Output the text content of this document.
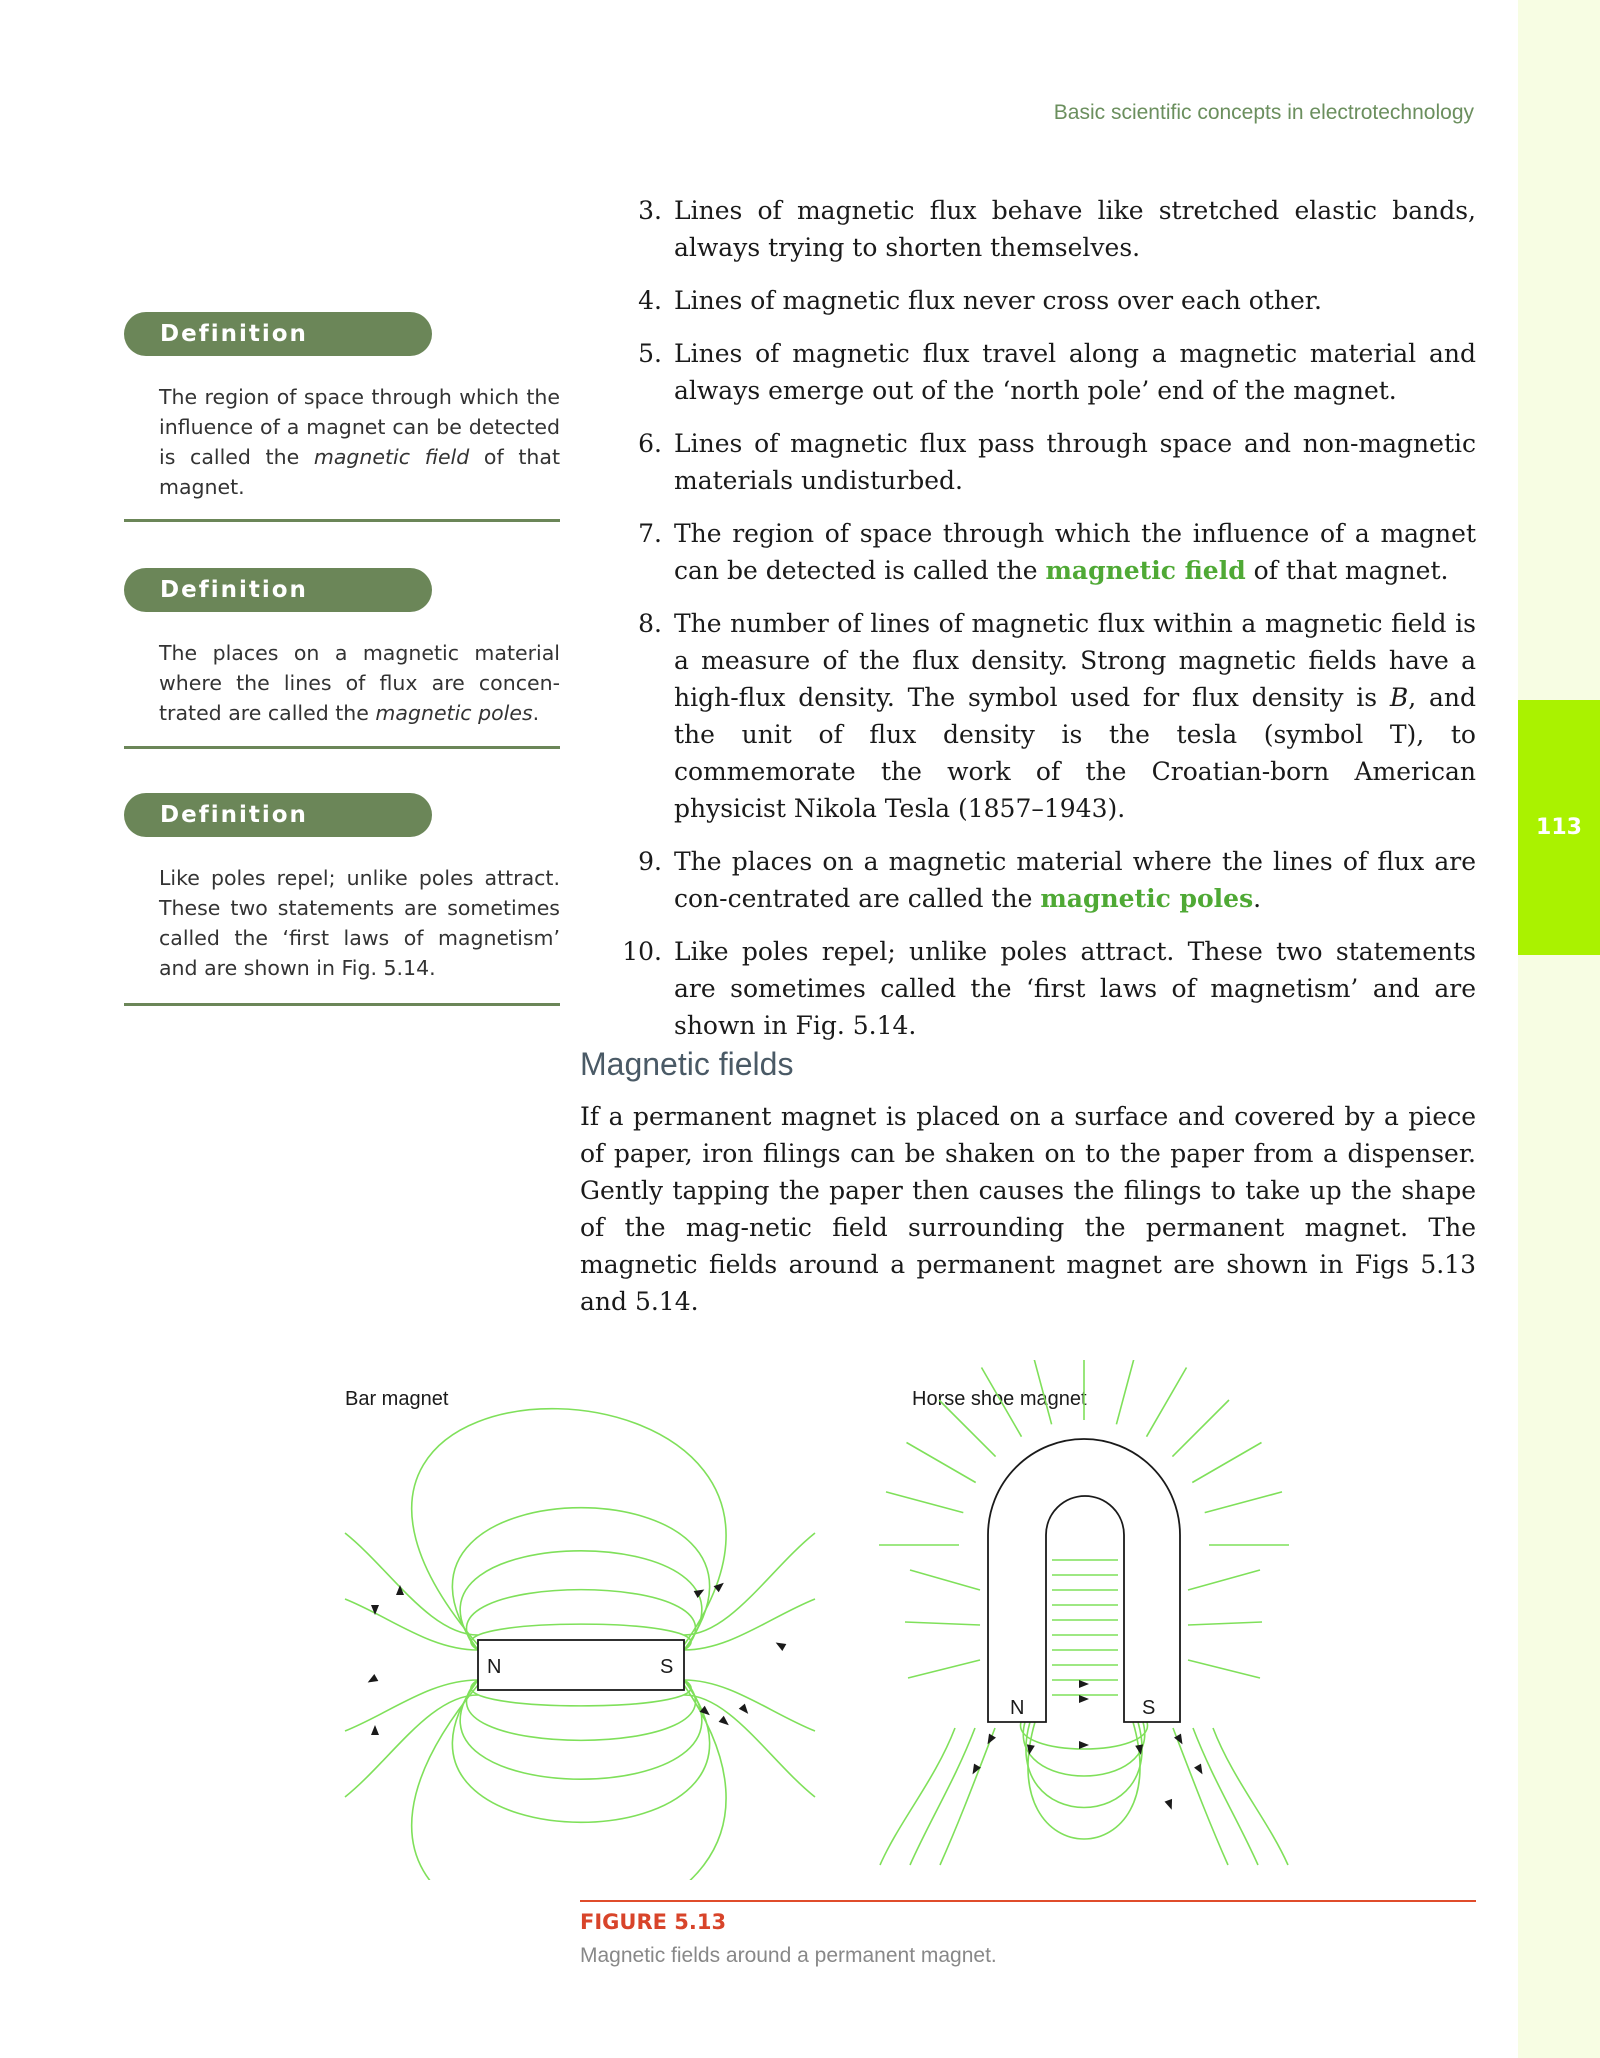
113
Basic scientific concepts in electrotechnology
Definition
The region of space through which the influence of a magnet can be detected is called the magnetic field of that magnet.
Definition
The places on a magnetic material where the lines of flux are concen-trated are called the magnetic poles.
Definition
Like poles repel; unlike poles attract. These two statements are sometimes called the ‘first laws of magnetism’ and are shown in Fig. 5.14.
3. Lines of magnetic flux behave like stretched elastic bands, always trying to shorten themselves.
4. Lines of magnetic flux never cross over each other.
5. Lines of magnetic flux travel along a magnetic material and always emerge out of the ‘north pole’ end of the magnet.
6. Lines of magnetic flux pass through space and non-magnetic materials undisturbed.
7. The region of space through which the influence of a magnet can be detected is called the magnetic field of that magnet.
8. The number of lines of magnetic flux within a magnetic field is a measure of the flux density. Strong magnetic fields have a high-flux density. The symbol used for flux density is B, and the unit of flux density is the tesla (symbol T), to commemorate the work of the Croatian-born American physicist Nikola Tesla (1857–1943).
9. The places on a magnetic material where the lines of flux are con-centrated are called the magnetic poles.
10. Like poles repel; unlike poles attract. These two statements are sometimes called the ‘first laws of magnetism’ and are shown in Fig. 5.14.
Magnetic fields

If a permanent magnet is placed on a surface and covered by a piece of paper, iron filings can be shaken on to the paper from a dispenser. Gently tapping the paper then causes the filings to take up the shape of the mag-netic field surrounding the permanent magnet. The magnetic fields around a permanent magnet are shown in Figs 5.13 and 5.14.

Bar magnet	Horse shoe magnet
N	S
N	S
FIGURE 5.13
Magnetic fields around a permanent magnet.
